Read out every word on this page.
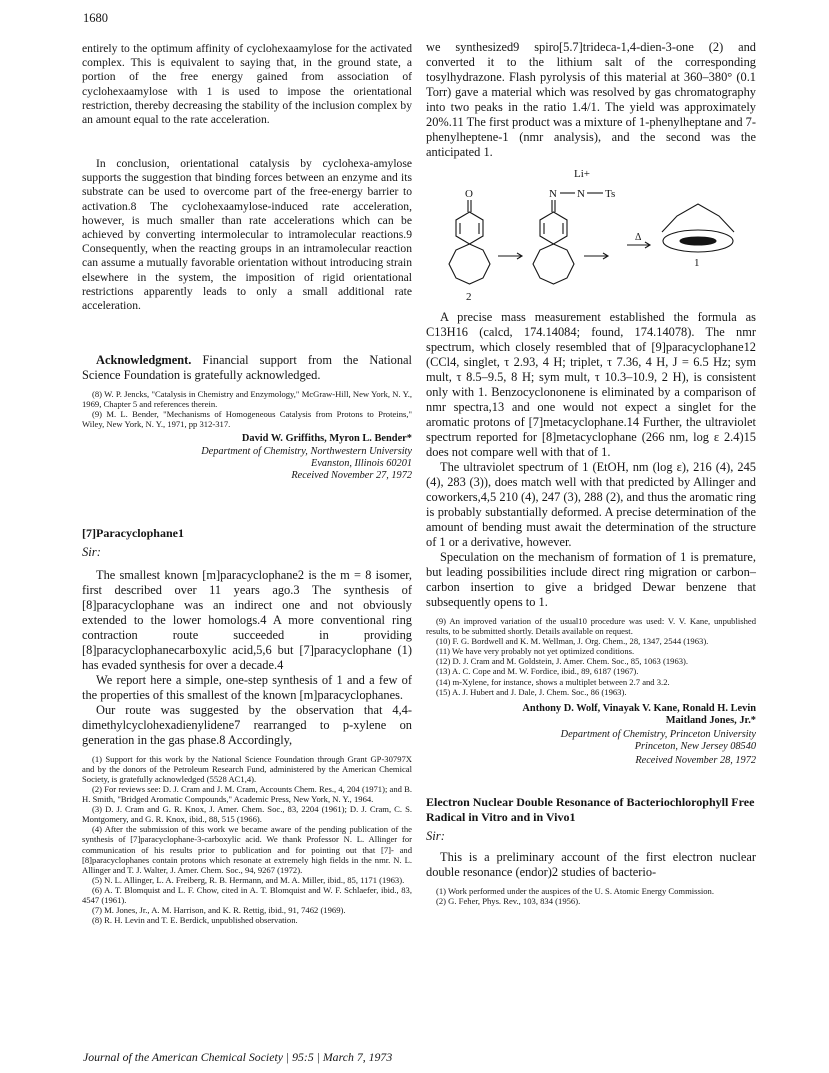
1680

entirely to the optimum affinity of cyclohexaamylose for the activated complex. This is equivalent to saying that, in the ground state, a portion of the free energy gained from association of cyclohexaamylose with 1 is used to impose the orientational restriction, thereby decreasing the stability of the inclusion complex by an amount equal to the rate acceleration.

In conclusion, orientational catalysis by cyclohexa-amylose supports the suggestion that binding forces between an enzyme and its substrate can be used to overcome part of the free-energy barrier to activation.8 The cyclohexaamylose-induced rate acceleration, however, is much smaller than rate accelerations which can be achieved by converting intermolecular to intramolecular reactions.9 Consequently, when the reacting groups in an intramolecular reaction can assume a mutually favorable orientation without introducing strain elsewhere in the system, the imposition of rigid orientational restrictions apparently leads to only a small additional rate acceleration.

Acknowledgment. Financial support from the National Science Foundation is gratefully acknowledged.

(8) W. P. Jencks, "Catalysis in Chemistry and Enzymology," McGraw-Hill, New York, N. Y., 1969, Chapter 5 and references therein.

(9) M. L. Bender, "Mechanisms of Homogeneous Catalysis from Protons to Proteins," Wiley, New York, N. Y., 1971, pp 312-317.

David W. Griffiths, Myron L. Bender*

Department of Chemistry, Northwestern University

Evanston, Illinois 60201

Received November 27, 1972

[7]Paracyclophane1

Sir:

The smallest known [m]paracyclophane2 is the m = 8 isomer, first described over 11 years ago.3 The synthesis of [8]paracyclophane was an indirect one and not obviously extended to the lower homologs.4 A more conventional ring contraction route succeeded in providing [8]paracyclophanecarboxylic acid,5,6 but [7]paracyclophane (1) has evaded synthesis for over a decade.4

We report here a simple, one-step synthesis of 1 and a few of the properties of this smallest of the known [m]paracyclophanes.

Our route was suggested by the observation that 4,4-dimethylcyclohexadienylidene7 rearranged to p-xylene on generation in the gas phase.8 Accordingly,

(1) Support for this work by the National Science Foundation through Grant GP-30797X and by the donors of the Petroleum Research Fund, administered by the American Chemical Society, is gratefully acknowledged (5528 AC1,4).

(2) For reviews see: D. J. Cram and J. M. Cram, Accounts Chem. Res., 4, 204 (1971); and B. H. Smith, "Bridged Aromatic Compounds," Academic Press, New York, N. Y., 1964.

(3) D. J. Cram and G. R. Knox, J. Amer. Chem. Soc., 83, 2204 (1961); D. J. Cram, C. S. Montgomery, and G. R. Knox, ibid., 88, 515 (1966).

(4) After the submission of this work we became aware of the pending publication of the synthesis of [7]paracyclophane-3-carboxylic acid. We thank Professor N. L. Allinger for communication of his results prior to publication and for pointing out that [7]- and [8]paracyclophanes contain protons which resonate at extremely high fields in the nmr. N. L. Allinger and T. J. Walter, J. Amer. Chem. Soc., 94, 9267 (1972).

(5) N. L. Allinger, L. A. Freiberg, R. B. Hermann, and M. A. Miller, ibid., 85, 1171 (1963).

(6) A. T. Blomquist and L. F. Chow, cited in A. T. Blomquist and W. F. Schlaefer, ibid., 83, 4547 (1961).

(7) M. Jones, Jr., A. M. Harrison, and K. R. Rettig, ibid., 91, 7462 (1969).

(8) R. H. Levin and T. E. Berdick, unpublished observation.

we synthesized9 spiro[5.7]trideca-1,4-dien-3-one (2) and converted it to the lithium salt of the corresponding tosylhydrazone. Flash pyrolysis of this material at 360–380° (0.1 Torr) gave a material which was resolved by gas chromatography into two peaks in the ratio 1.4/1. The yield was approximately 20%.11 The first product was a mixture of 1-phenylheptane and 7-phenylheptene-1 (nmr analysis), and the second was the anticipated 1.

O
Li+
N N Ts
2
Δ
1

A precise mass measurement established the formula as C13H16 (calcd, 174.14084; found, 174.14078). The nmr spectrum, which closely resembled that of [9]paracyclophane12 (CCl4, singlet, τ 2.93, 4 H; triplet, τ 7.36, 4 H, J = 6.5 Hz; sym mult, τ 8.5–9.5, 8 H; sym mult, τ 10.3–10.9, 2 H), is consistent only with 1. Benzocyclononene is eliminated by a comparison of nmr spectra,13 and one would not expect a singlet for the aromatic protons of [7]metacyclophane.14 Further, the ultraviolet spectrum reported for [8]metacyclophane (266 nm, log ε 2.4)15 does not compare well with that of 1.

The ultraviolet spectrum of 1 (EtOH, nm (log ε), 216 (4), 245 (4), 283 (3)), does match well with that predicted by Allinger and coworkers,4,5 210 (4), 247 (3), 288 (2), and thus the aromatic ring is probably substantially deformed. A precise determination of the amount of bending must await the determination of the structure of 1 or a derivative, however.

Speculation on the mechanism of formation of 1 is premature, but leading possibilities include direct ring migration or carbon–carbon insertion to give a bridged Dewar benzene that subsequently opens to 1.

(9) An improved variation of the usual10 procedure was used: V. V. Kane, unpublished results, to be submitted shortly. Details available on request.

(10) F. G. Bordwell and K. M. Wellman, J. Org. Chem., 28, 1347, 2544 (1963).

(11) We have very probably not yet optimized conditions.

(12) D. J. Cram and M. Goldstein, J. Amer. Chem. Soc., 85, 1063 (1963).

(13) A. C. Cope and M. W. Fordice, ibid., 89, 6187 (1967).

(14) m-Xylene, for instance, shows a multiplet between 2.7 and 3.2.

(15) A. J. Hubert and J. Dale, J. Chem. Soc., 86 (1963).

Anthony D. Wolf, Vinayak V. Kane, Ronald H. Levin

Maitland Jones, Jr.*

Department of Chemistry, Princeton University

Princeton, New Jersey 08540

Received November 28, 1972

Electron Nuclear Double Resonance of Bacteriochlorophyll Free Radical in Vitro and in Vivo1

Sir:

This is a preliminary account of the first electron nuclear double resonance (endor)2 studies of bacterio-

(1) Work performed under the auspices of the U. S. Atomic Energy Commission.

(2) G. Feher, Phys. Rev., 103, 834 (1956).

Journal of the American Chemical Society | 95:5 | March 7, 1973
